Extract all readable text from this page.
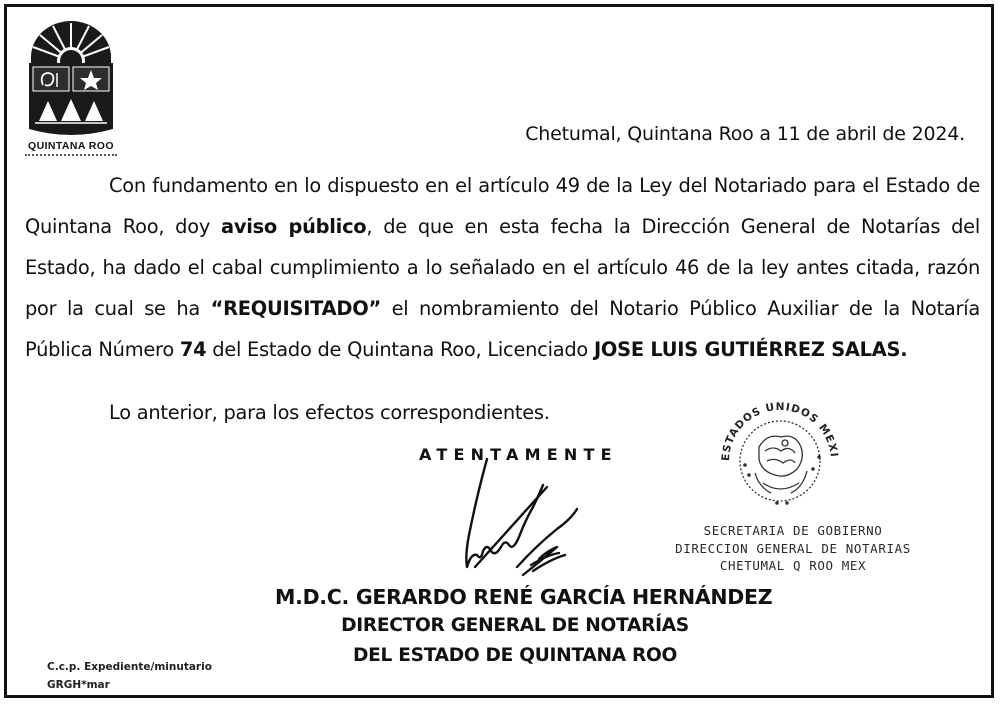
QUINTANA ROO
Chetumal, Quintana Roo a 11 de abril de 2024.
Con fundamento en lo dispuesto en el artículo 49 de la Ley del Notariado para el Estado de Quintana Roo, doy aviso público, de que en esta fecha la Dirección General de Notarías del Estado, ha dado el cabal cumplimiento a lo señalado en el artículo 46 de la ley antes citada, razón por la cual se ha “REQUISITADO” el nombramiento del Notario Público Auxiliar de la Notaría Pública Número 74 del Estado de Quintana Roo, Licenciado JOSE LUIS GUTIÉRREZ SALAS.
Lo anterior, para los efectos correspondientes.
ATENTAMENTE	ESTADOS UNIDOS MEXI
SECRETARIA DE GOBIERNO
DIRECCION GENERAL DE NOTARIAS
CHETUMAL Q ROO MEX
M.D.C. GERARDO RENÉ GARCÍA HERNÁNDEZ
DIRECTOR GENERAL DE NOTARÍAS
DEL ESTADO DE QUINTANA ROO
C.c.p. Expediente/minutario
GRGH*mar
